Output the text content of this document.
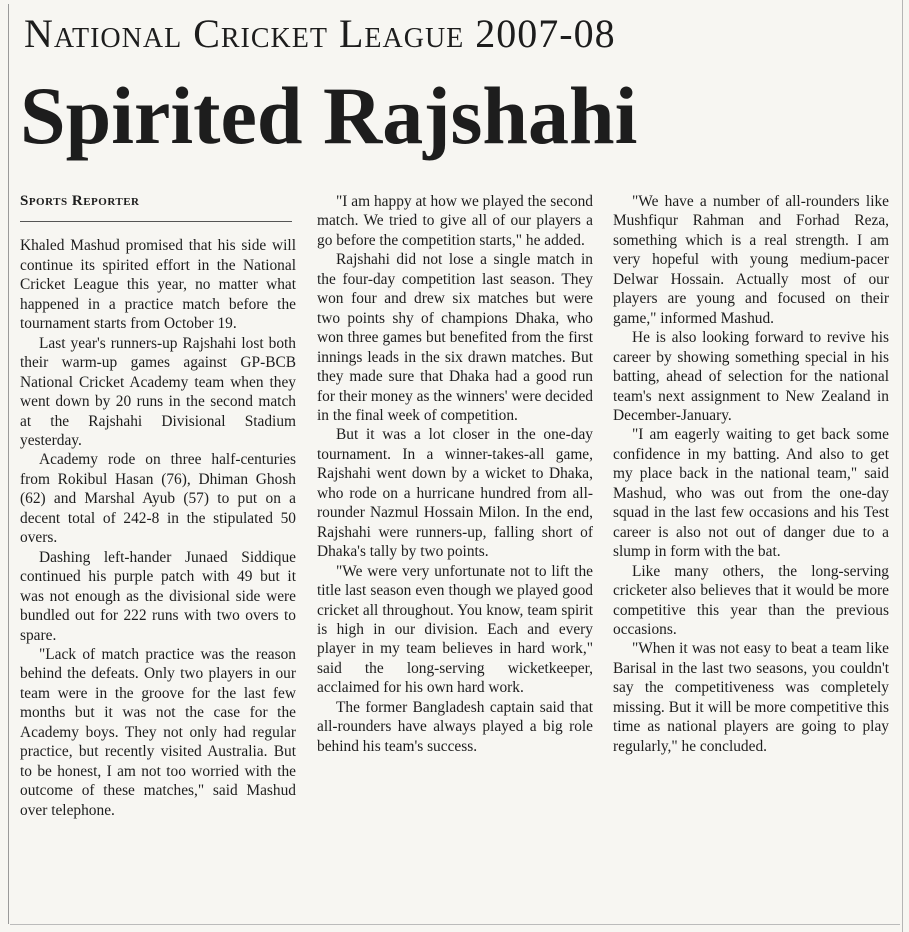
National Cricket League 2007-08
Spirited Rajshahi
Sports Reporter

Khaled Mashud promised that his side will continue its spirited effort in the National Cricket League this year, no matter what happened in a practice match before the tournament starts from October 19.

Last year's runners-up Rajshahi lost both their warm-up games against GP-BCB National Cricket Academy team when they went down by 20 runs in the second match at the Rajshahi Divisional Stadium yesterday.

Academy rode on three half-centuries from Rokibul Hasan (76), Dhiman Ghosh (62) and Marshal Ayub (57) to put on a decent total of 242-8 in the stipulated 50 overs.

Dashing left-hander Junaed Siddique continued his purple patch with 49 but it was not enough as the divisional side were bundled out for 222 runs with two overs to spare.

"Lack of match practice was the reason behind the defeats. Only two players in our team were in the groove for the last few months but it was not the case for the Academy boys. They not only had regular practice, but recently visited Australia. But to be honest, I am not too worried with the outcome of these matches," said Mashud over telephone.

"I am happy at how we played the second match. We tried to give all of our players a go before the competition starts," he added.

Rajshahi did not lose a single match in the four-day competition last season. They won four and drew six matches but were two points shy of champions Dhaka, who won three games but benefited from the first innings leads in the six drawn matches. But they made sure that Dhaka had a good run for their money as the winners' were decided in the final week of competition.

But it was a lot closer in the one-day tournament. In a winner-takes-all game, Rajshahi went down by a wicket to Dhaka, who rode on a hurricane hundred from all-rounder Nazmul Hossain Milon. In the end, Rajshahi were runners-up, falling short of Dhaka's tally by two points.

"We were very unfortunate not to lift the title last season even though we played good cricket all throughout. You know, team spirit is high in our division. Each and every player in my team believes in hard work," said the long-serving wicketkeeper, acclaimed for his own hard work.

The former Bangladesh captain said that all-rounders have always played a big role behind his team's success.

"We have a number of all-rounders like Mushfiqur Rahman and Forhad Reza, something which is a real strength. I am very hopeful with young medium-pacer Delwar Hossain. Actually most of our players are young and focused on their game," informed Mashud.

He is also looking forward to revive his career by showing something special in his batting, ahead of selection for the national team's next assignment to New Zealand in December-January.

"I am eagerly waiting to get back some confidence in my batting. And also to get my place back in the national team," said Mashud, who was out from the one-day squad in the last few occasions and his Test career is also not out of danger due to a slump in form with the bat.

Like many others, the long-serving cricketer also believes that it would be more competitive this year than the previous occasions.

"When it was not easy to beat a team like Barisal in the last two seasons, you couldn't say the competitiveness was completely missing. But it will be more competitive this time as national players are going to play regularly," he concluded.
